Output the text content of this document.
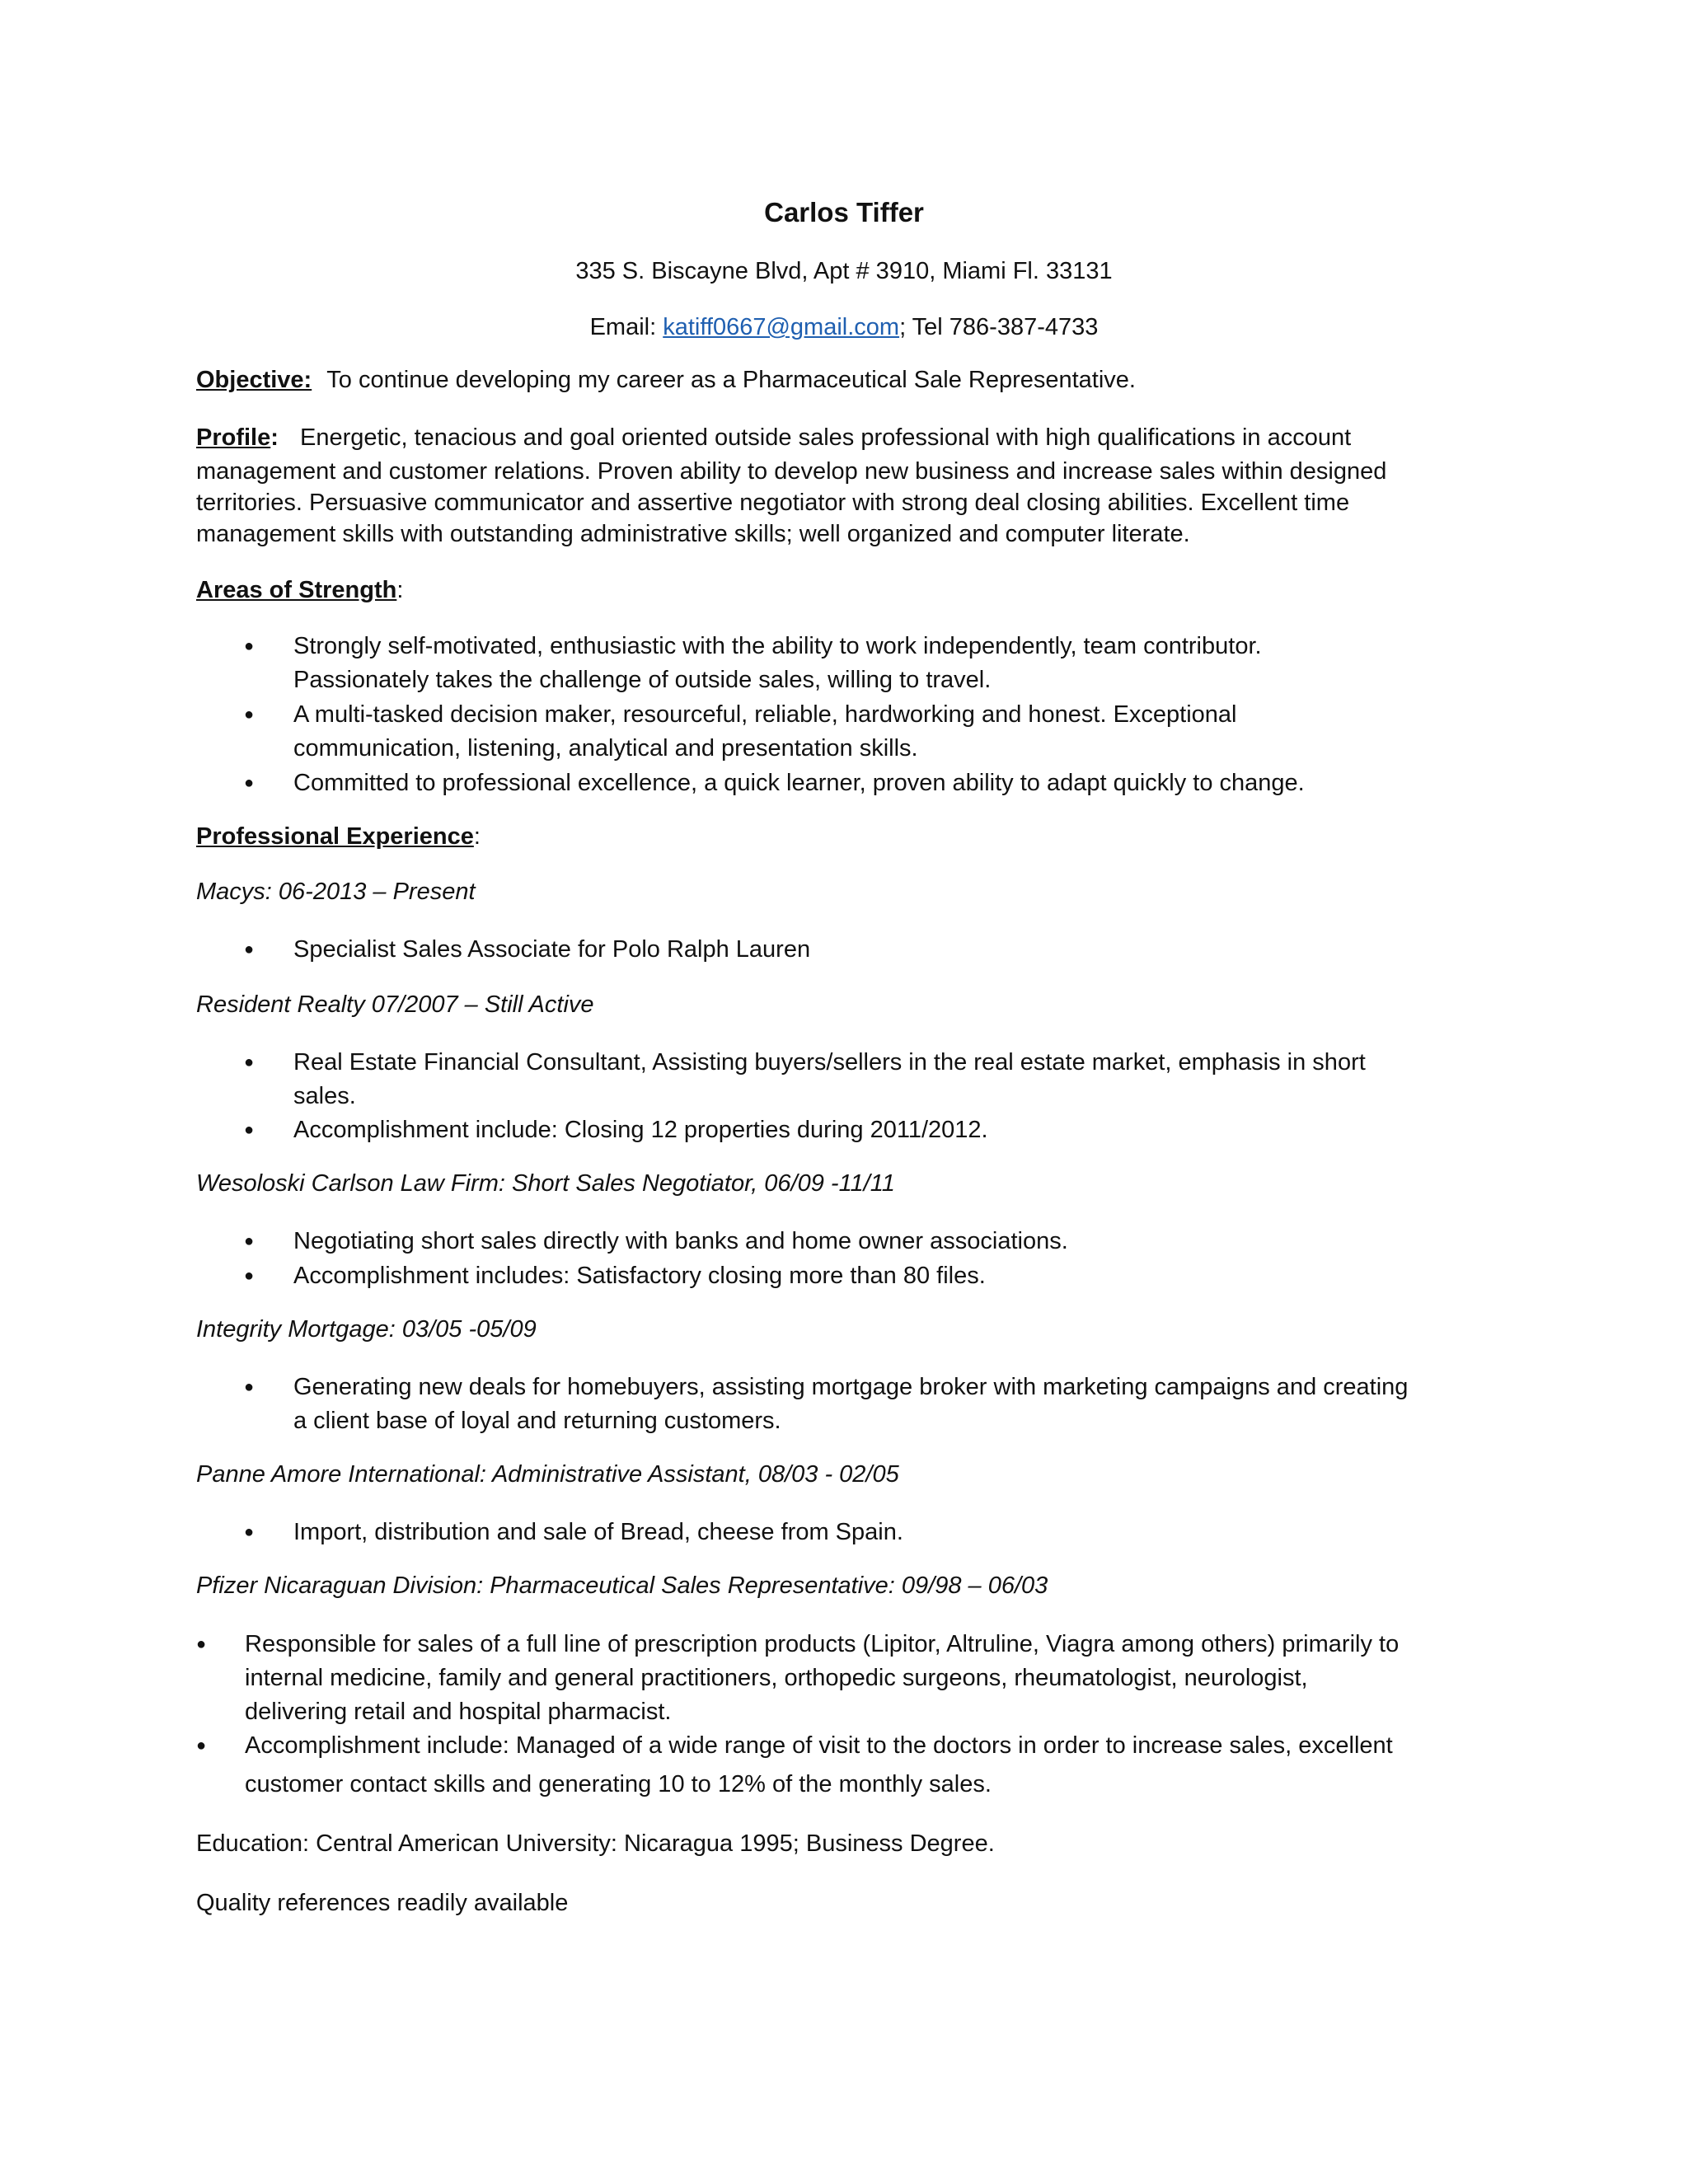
Carlos Tiffer
335 S. Biscayne Blvd, Apt # 3910, Miami Fl. 33131
Email: katiff0667@gmail.com; Tel 786-387-4733
Objective: To continue developing my career as a Pharmaceutical Sale Representative.
Profile: Energetic, tenacious and goal oriented outside sales professional with high qualifications in account
management and customer relations. Proven ability to develop new business and increase sales within designed
territories. Persuasive communicator and assertive negotiator with strong deal closing abilities. Excellent time
management skills with outstanding administrative skills; well organized and computer literate.
Areas of Strength:
● Strongly self-motivated, enthusiastic with the ability to work independently, team contributor.
Passionately takes the challenge of outside sales, willing to travel.
● A multi-tasked decision maker, resourceful, reliable, hardworking and honest. Exceptional
communication, listening, analytical and presentation skills.
● Committed to professional excellence, a quick learner, proven ability to adapt quickly to change.
Professional Experience:
Macys: 06-2013 – Present
● Specialist Sales Associate for Polo Ralph Lauren
Resident Realty 07/2007 – Still Active
● Real Estate Financial Consultant, Assisting buyers/sellers in the real estate market, emphasis in short
sales.
● Accomplishment include: Closing 12 properties during 2011/2012.
Wesoloski Carlson Law Firm: Short Sales Negotiator, 06/09 -11/11
● Negotiating short sales directly with banks and home owner associations.
● Accomplishment includes: Satisfactory closing more than 80 files.
Integrity Mortgage: 03/05 -05/09
● Generating new deals for homebuyers, assisting mortgage broker with marketing campaigns and creating
a client base of loyal and returning customers.
Panne Amore International: Administrative Assistant, 08/03 - 02/05
● Import, distribution and sale of Bread, cheese from Spain.
Pfizer Nicaraguan Division: Pharmaceutical Sales Representative: 09/98 – 06/03
● Responsible for sales of a full line of prescription products (Lipitor, Altruline, Viagra among others) primarily to
internal medicine, family and general practitioners, orthopedic surgeons, rheumatologist, neurologist,
delivering retail and hospital pharmacist.
● Accomplishment include: Managed of a wide range of visit to the doctors in order to increase sales, excellent
customer contact skills and generating 10 to 12% of the monthly sales.
Education: Central American University: Nicaragua 1995; Business Degree.
Quality references readily available
